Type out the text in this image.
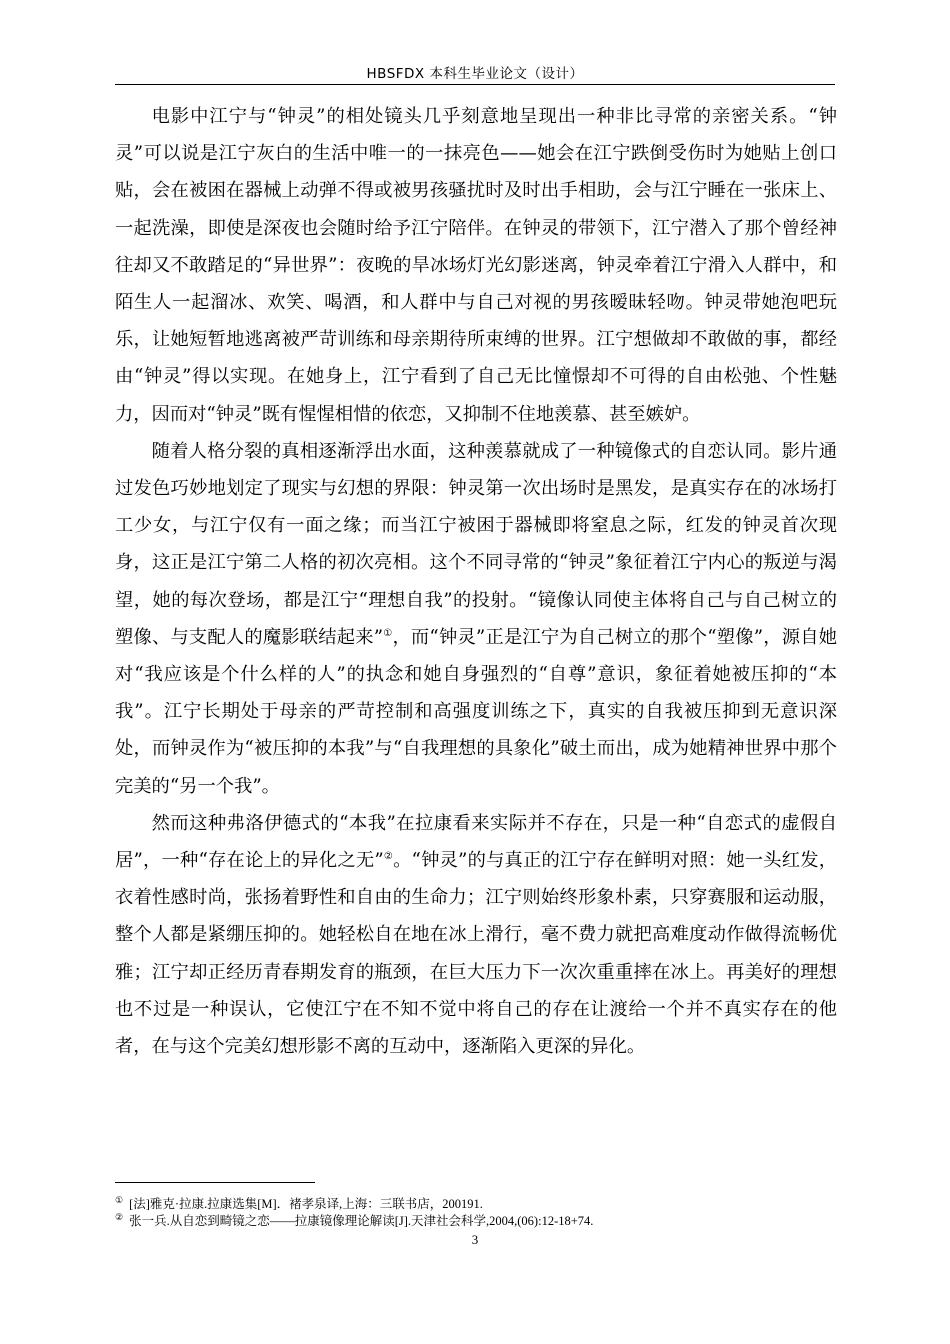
HBSFDX 本科生毕业论文（设计）

电影中江宁与“钟灵”的相处镜头几乎刻意地呈现出一种非比寻常的亲密关系。“钟灵”可以说是江宁灰白的生活中唯一的一抹亮色——她会在江宁跌倒受伤时为她贴上创口贴，会在被困在器械上动弹不得或被男孩骚扰时及时出手相助，会与江宁睡在一张床上、一起洗澡，即使是深夜也会随时给予江宁陪伴。在钟灵的带领下，江宁潜入了那个曾经神往却又不敢踏足的“异世界”：夜晚的旱冰场灯光幻影迷离，钟灵牵着江宁滑入人群中，和陌生人一起溜冰、欢笑、喝酒，和人群中与自己对视的男孩暧昧轻吻。钟灵带她泡吧玩乐，让她短暂地逃离被严苛训练和母亲期待所束缚的世界。江宁想做却不敢做的事，都经由“钟灵”得以实现。在她身上，江宁看到了自己无比憧憬却不可得的自由松弛、个性魅力，因而对“钟灵”既有惺惺相惜的依恋，又抑制不住地羡慕、甚至嫉妒。

随着人格分裂的真相逐渐浮出水面，这种羡慕就成了一种镜像式的自恋认同。影片通过发色巧妙地划定了现实与幻想的界限：钟灵第一次出场时是黑发，是真实存在的冰场打工少女，与江宁仅有一面之缘；而当江宁被困于器械即将窒息之际，红发的钟灵首次现身，这正是江宁第二人格的初次亮相。这个不同寻常的“钟灵”象征着江宁内心的叛逆与渴望，她的每次登场，都是江宁“理想自我”的投射。“镜像认同使主体将自己与自己树立的塑像、与支配人的魔影联结起来”①，而“钟灵”正是江宁为自己树立的那个“塑像”，源自她对“我应该是个什么样的人”的执念和她自身强烈的“自尊”意识，象征着她被压抑的“本我”。江宁长期处于母亲的严苛控制和高强度训练之下，真实的自我被压抑到无意识深处，而钟灵作为“被压抑的本我”与“自我理想的具象化”破土而出，成为她精神世界中那个完美的“另一个我”。

然而这种弗洛伊德式的“本我”在拉康看来实际并不存在，只是一种“自恋式的虚假自居”，一种“存在论上的异化之无”②。“钟灵”的与真正的江宁存在鲜明对照：她一头红发，衣着性感时尚，张扬着野性和自由的生命力；江宁则始终形象朴素，只穿赛服和运动服，整个人都是紧绷压抑的。她轻松自在地在冰上滑行，毫不费力就把高难度动作做得流畅优雅；江宁却正经历青春期发育的瓶颈，在巨大压力下一次次重重摔在冰上。再美好的理想也不过是一种误认，它使江宁在不知不觉中将自己的存在让渡给一个并不真实存在的他者，在与这个完美幻想形影不离的互动中，逐渐陷入更深的异化。

① [法]雅克·拉康.拉康选集[M]．褚孝泉译,上海：三联书店，200191.
② 张一兵.从自恋到畸镜之恋——拉康镜像理论解读[J].天津社会科学,2004,(06):12-18+74.
3
